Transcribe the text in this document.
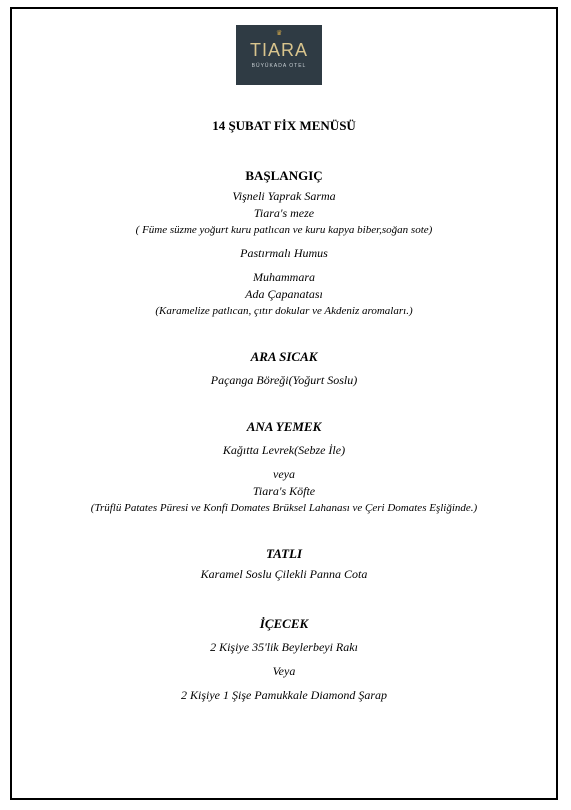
♛
TIARA
BÜYÜKADA OTEL
14 ŞUBAT FİX MENÜSÜ
BAŞLANGIÇ
Vişneli Yaprak Sarma
Tiara's meze
( Füme süzme yoğurt kuru patlıcan ve kuru kapya biber,soğan sote)
Pastırmalı Humus
Muhammara
Ada Çapanatası
(Karamelize patlıcan, çıtır dokular ve Akdeniz aromaları.)
ARA SICAK
Paçanga Böreği(Yoğurt Soslu)
ANA YEMEK
Kağıtta Levrek(Sebze İle)
veya
Tiara's Köfte
(Trüflü Patates Püresi ve Konfi Domates Brüksel Lahanası ve Çeri Domates Eşliğinde.)
TATLI
Karamel Soslu Çilekli Panna Cota
İÇECEK
2 Kişiye 35'lik Beylerbeyi Rakı
Veya
2 Kişiye 1 Şişe Pamukkale Diamond Şarap
